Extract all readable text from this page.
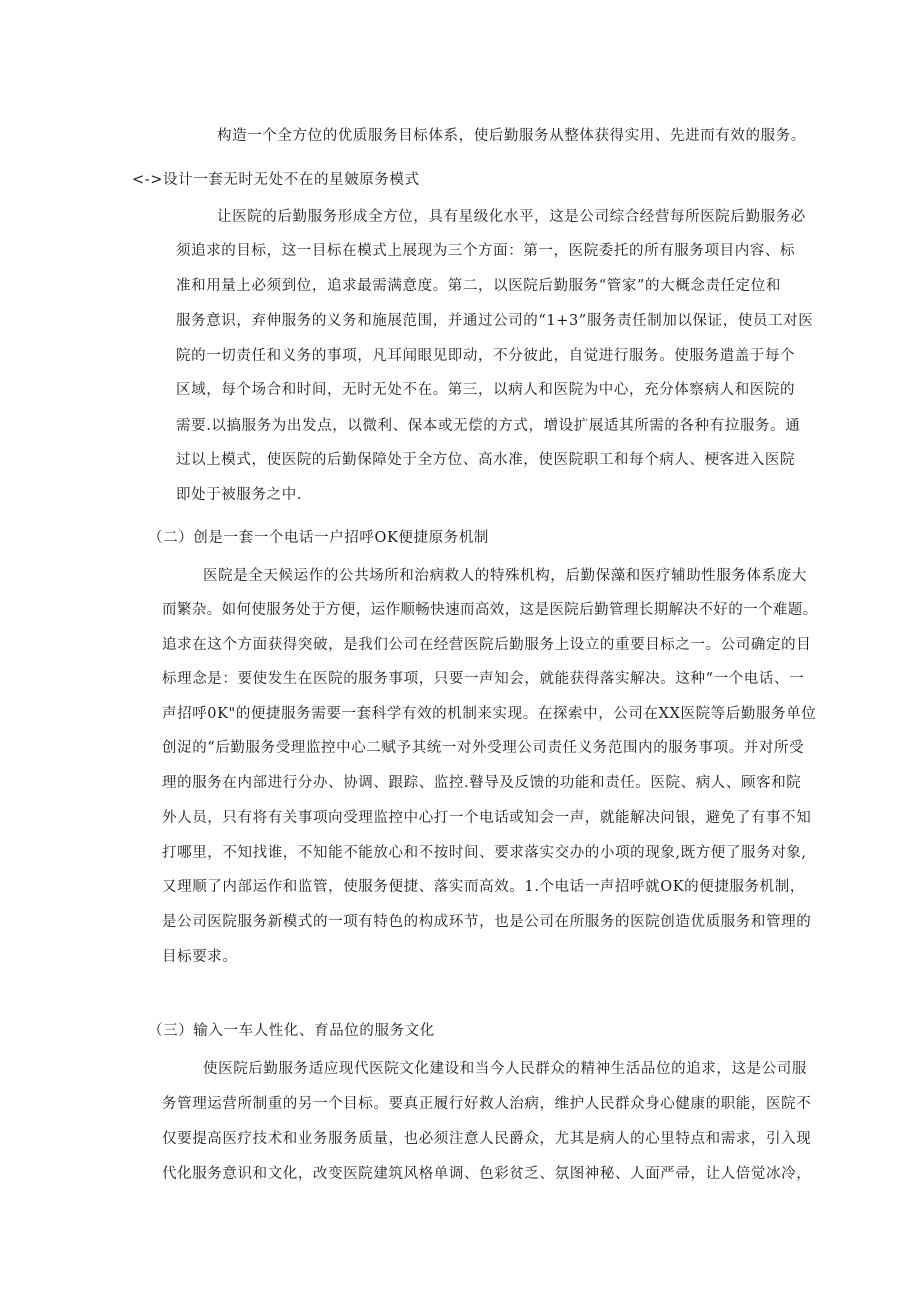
构造一个全方位的优质服务目标体系，使后勤服务从整体获得实用、先进而有效的服务。
<->设计一套无时无处不在的星皴原务模式
让医院的后勤服务形成全方位，具有星级化水平，这是公司综合经营每所医院后勤服务必
须追求的目标，这一目标在模式上展现为三个方面：第一，医院委托的所有服务项目内容、标
准和用量上必须到位，追求最需满意度。第二，以医院后勤服务“管家”的大概念责任定位和
服务意识，弃伸服务的义务和施展范围，并通过公司的“1+3”服务责任制加以保证，使员工对医
院的一切责任和义务的事项，凡耳闻眼见即动，不分彼此，自觉进行服务。使服务遣盖于每个
区域，每个场合和时间，无时无处不在。第三，以病人和医院为中心，充分体察病人和医院的
需要.以搞服务为出发点，以微利、保本或无偿的方式，增设扩展适其所需的各种有拉服务。通
过以上模式，使医院的后勤保障处于全方位、高水准，使医院职工和每个病人、梗客进入医院
即处于被服务之中.
（二）创是一套一个电话一户招呼OK便捷原务机制
医院是全天候运作的公共场所和治病救人的特殊机构，后勤保藻和医疗辅助性服务体系庞大
而繁杂。如何使服务处于方便，运作顺畅快速而高效，这是医院后勤管理长期解决不好的一个难题。
追求在这个方面获得突破，是我们公司在经营医院后勤服务上设立的重要目标之一。公司确定的目
标理念是：要使发生在医院的服务事项，只要一声知会，就能获得落实解决。这种“一个电话、一
声招呼0K"的便捷服务需要一套科学有效的机制来实现。在探索中，公司在XX医院等后勤服务单位
创浞的“后勤服务受理监控中心二赋予其统一对外受理公司责任义务范围内的服务事项。并对所受
理的服务在内部进行分办、协调、跟踪、监控.瞽导及反馈的功能和责任。医院、病人、顾客和院
外人员，只有将有关事项向受理监控中心打一个电话或知会一声，就能解决问银，避免了有事不知
打哪里，不知找谁，不知能不能放心和不按时间、要求落实交办的小项的现象,既方便了服务对象,
又理顺了内部运作和监管，使服务便捷、落实而高效。1.个电话一声招呼就OK的便捷服务机制，
是公司医院服务新模式的一项有特色的构成环节，也是公司在所服务的医院创造优质服务和管理的
目标要求。
（三）输入一车人性化、育品位的服务文化
使医院后勤服务适应现代医院文化建设和当今人民群众的精神生活品位的追求，这是公司服
务管理运营所制重的另一个目标。要真正履行好救人治病，维护人民群众身心健康的职能，医院不
仅要提高医疗技术和业务服务质量，也必须注意人民爵众，尤其是病人的心里特点和需求，引入现
代化服务意识和文化，改变医院建筑风格单调、色彩贫乏、氛图神秘、人面严帚，让人倍觉冰冷，
